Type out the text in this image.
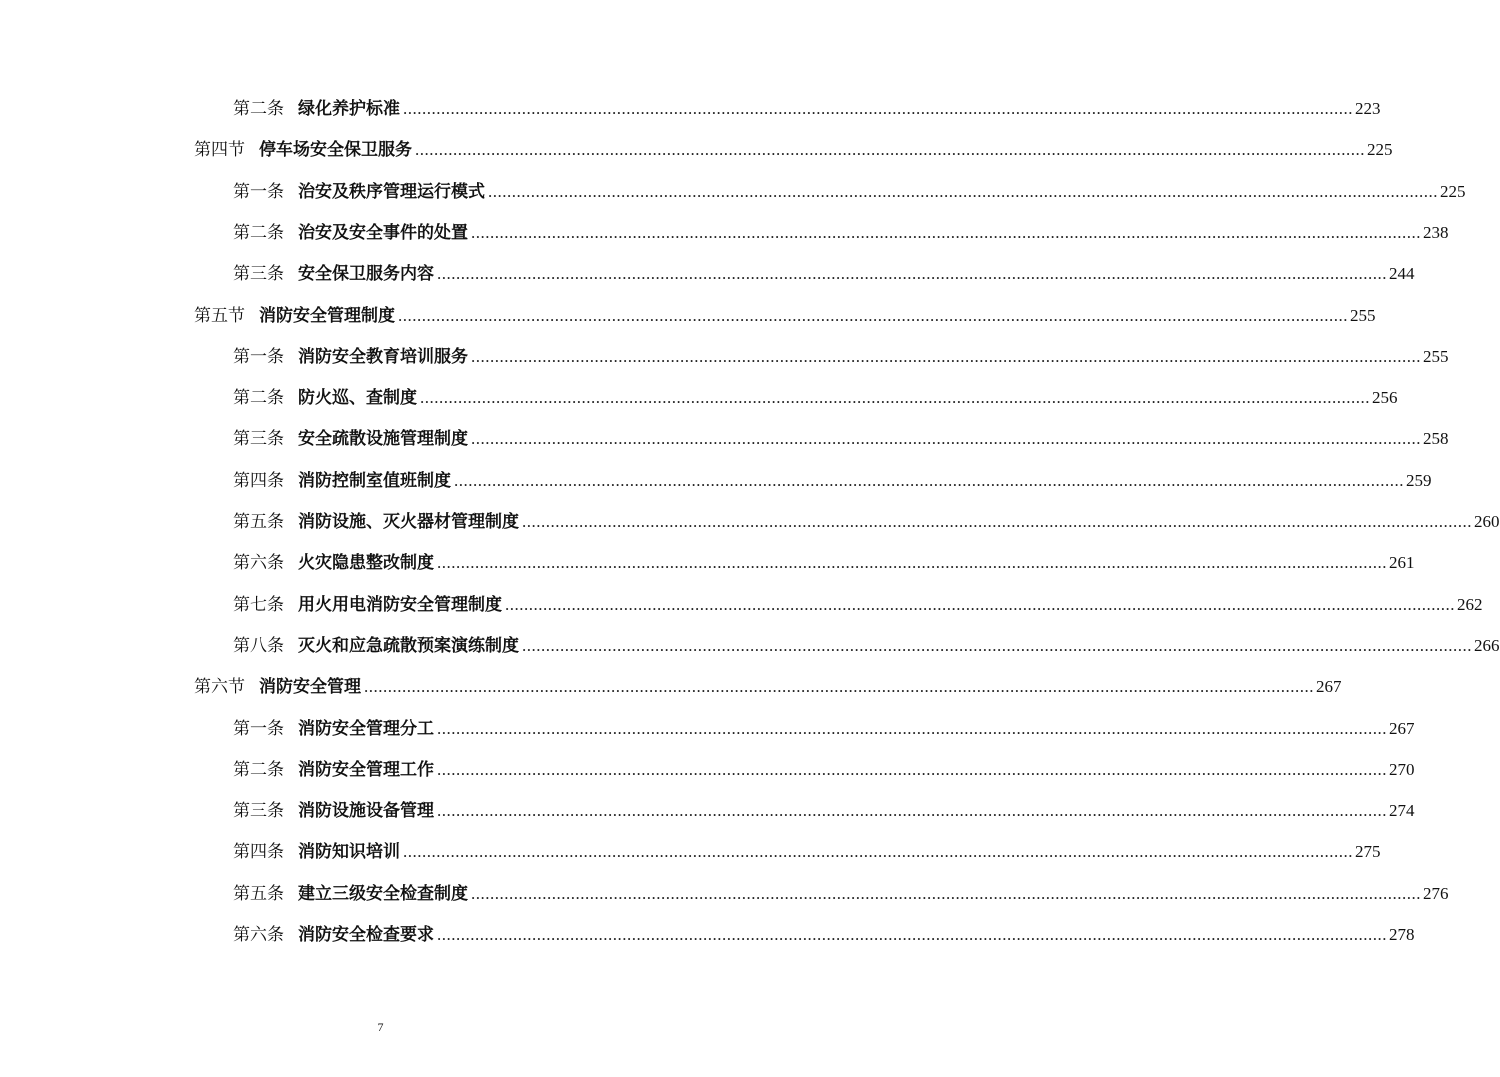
第二条 绿化养护标准 ........................................................................................................................................................................................................ 223
第四节 停车场安全保卫服务 ........................................................................................................................................................................................................ 225
第一条 治安及秩序管理运行模式 ........................................................................................................................................................................................................ 225
第二条 治安及安全事件的处置 ........................................................................................................................................................................................................ 238
第三条 安全保卫服务内容 ........................................................................................................................................................................................................ 244
第五节 消防安全管理制度 ........................................................................................................................................................................................................ 255
第一条 消防安全教育培训服务 ........................................................................................................................................................................................................ 255
第二条 防火巡、查制度 ........................................................................................................................................................................................................ 256
第三条 安全疏散设施管理制度 ........................................................................................................................................................................................................ 258
第四条 消防控制室值班制度 ........................................................................................................................................................................................................ 259
第五条 消防设施、灭火器材管理制度 ........................................................................................................................................................................................................ 260
第六条 火灾隐患整改制度 ........................................................................................................................................................................................................ 261
第七条 用火用电消防安全管理制度 ........................................................................................................................................................................................................ 262
第八条 灭火和应急疏散预案演练制度 ........................................................................................................................................................................................................ 266
第六节 消防安全管理 ........................................................................................................................................................................................................ 267
第一条 消防安全管理分工 ........................................................................................................................................................................................................ 267
第二条 消防安全管理工作 ........................................................................................................................................................................................................ 270
第三条 消防设施设备管理 ........................................................................................................................................................................................................ 274
第四条 消防知识培训 ........................................................................................................................................................................................................ 275
第五条 建立三级安全检查制度 ........................................................................................................................................................................................................ 276
第六条 消防安全检查要求 ........................................................................................................................................................................................................ 278
7
